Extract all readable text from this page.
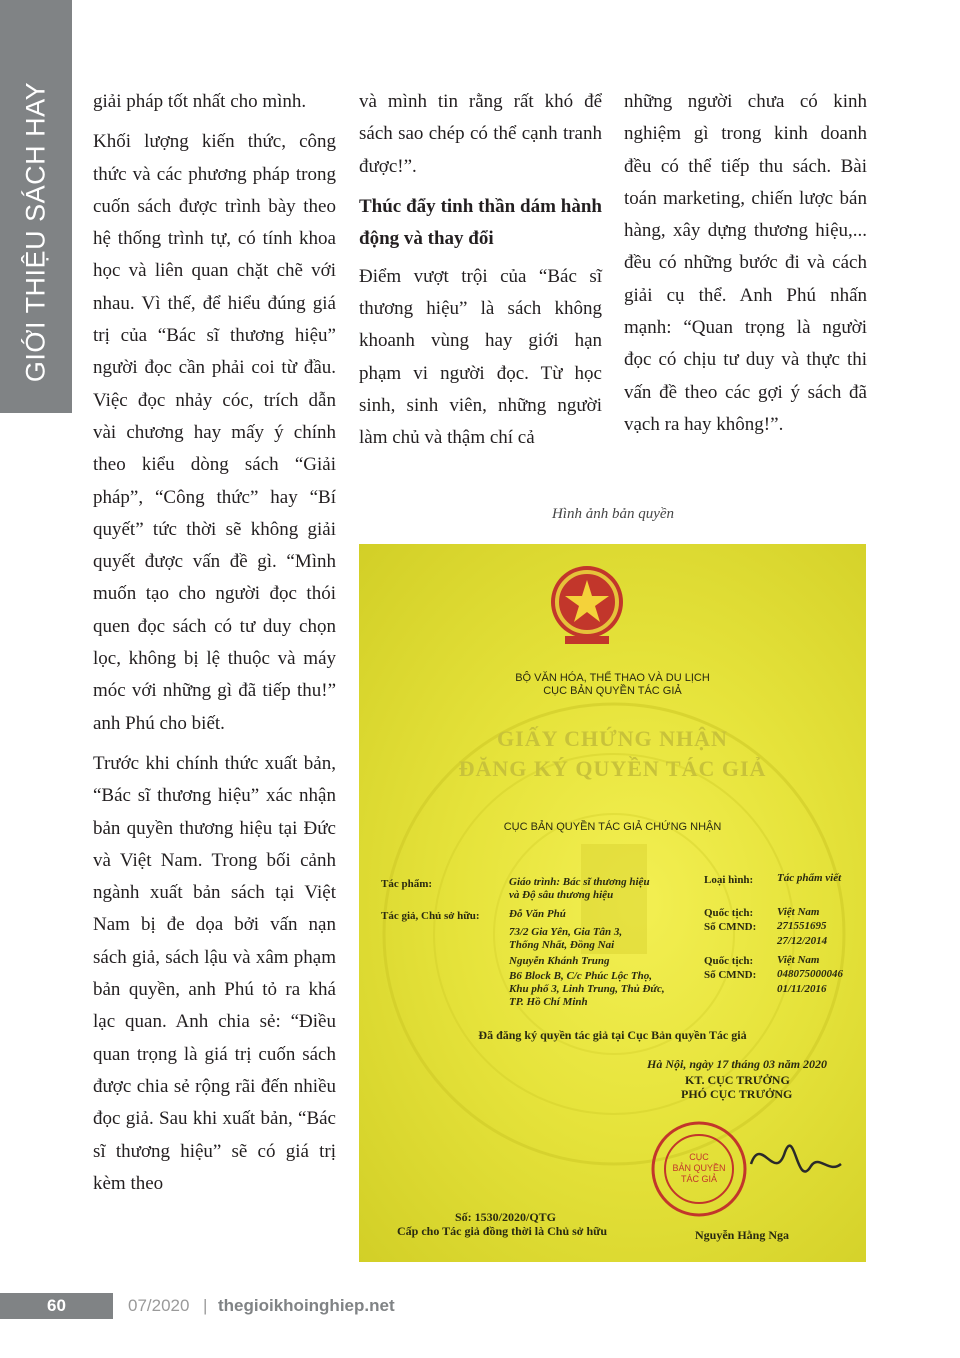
GIỚI THIỆU SÁCH HAY giải pháp tốt nhất cho mình.

Khối lượng kiến thức, công thức và các phương pháp trong cuốn sách được trình bày theo hệ thống trình tự, có tính khoa học và liên quan chặt chẽ với nhau. Vì thế, để hiểu đúng giá trị của “Bác sĩ thương hiệu” người đọc cần phải coi từ đầu. Việc đọc nhảy cóc, trích dẫn vài chương hay mấy ý chính theo kiểu dòng sách “Giải pháp”, “Công thức” hay “Bí quyết” tức thời sẽ không giải quyết được vấn đề gì. “Mình muốn tạo cho người đọc thói quen đọc sách có tư duy chọn lọc, không bị lệ thuộc và máy móc với những gì đã tiếp thu!” anh Phú cho biết.

Trước khi chính thức xuất bản, “Bác sĩ thương hiệu” xác nhận bản quyền thương hiệu tại Đức và Việt Nam. Trong bối cảnh ngành xuất bản sách tại Việt Nam bị đe dọa bởi vấn nạn sách giả, sách lậu và xâm phạm bản quyền, anh Phú tỏ ra khá lạc quan. Anh chia sẻ: “Điều quan trọng là giá trị cuốn sách được chia sẻ rộng rãi đến nhiều đọc giả. Sau khi xuất bản, “Bác sĩ thương hiệu” sẽ có giá trị kèm theo

và mình tin rằng rất khó để sách sao chép có thể cạnh tranh được!”.

Thúc đẩy tinh thần dám hành động và thay đổi

Điểm vượt trội của “Bác sĩ thương hiệu” là sách không khoanh vùng hay giới hạn phạm vi người đọc. Từ học sinh, sinh viên, những người làm chủ và thậm chí cả

những người chưa có kinh nghiệm gì trong kinh doanh đều có thể tiếp thu sách. Bài toán marketing, chiến lược bán hàng, xây dựng thương hiệu,... đều có những bước đi và cách giải cụ thể. Anh Phú nhấn mạnh: “Quan trọng là người đọc có chịu tư duy và thực thi vấn đề theo các gợi ý sách đã vạch ra hay không!”.

Hình ảnh bản quyền
BỘ VĂN HÓA, THỂ THAO VÀ DU LỊCH
CỤC BẢN QUYỀN TÁC GIẢ
GIẤY CHỨNG NHẬN
ĐĂNG KÝ QUYỀN TÁC GIẢ
CỤC BẢN QUYỀN TÁC GIẢ CHỨNG NHẬN
Tác phẩm:	Giáo trình: Bác sĩ thương hiệu
và Độ sâu thương hiệu
Loại hình: Tác phẩm viết
Tác giả, Chủ sở hữu:	Đỗ Văn Phú
73/2 Gia Yên, Gia Tân 3,
Thống Nhất, Đồng Nai
Quốc tịch: Việt Nam
Số CMND: 271551695
27/12/2014
Nguyễn Khánh Trung
B6 Block B, C/c Phúc Lộc Thọ,
Khu phố 3, Linh Trung, Thủ Đức,
TP. Hồ Chí Minh
Quốc tịch: Việt Nam
Số CMND: 048075000046
01/11/2016
Đã đăng ký quyền tác giả tại Cục Bản quyền Tác giả
Hà Nội, ngày 17 tháng 03 năm 2020
KT. CỤC TRƯỞNG
PHÓ CỤC TRƯỞNG
CỤC
BẢN QUYỀN
TÁC GIẢ
Số: 1530/2020/QTG
Cấp cho Tác giả đồng thời là Chủ sở hữu	Nguyễn Hằng Nga
60	07/2020 | thegioikhoinghiep.net
